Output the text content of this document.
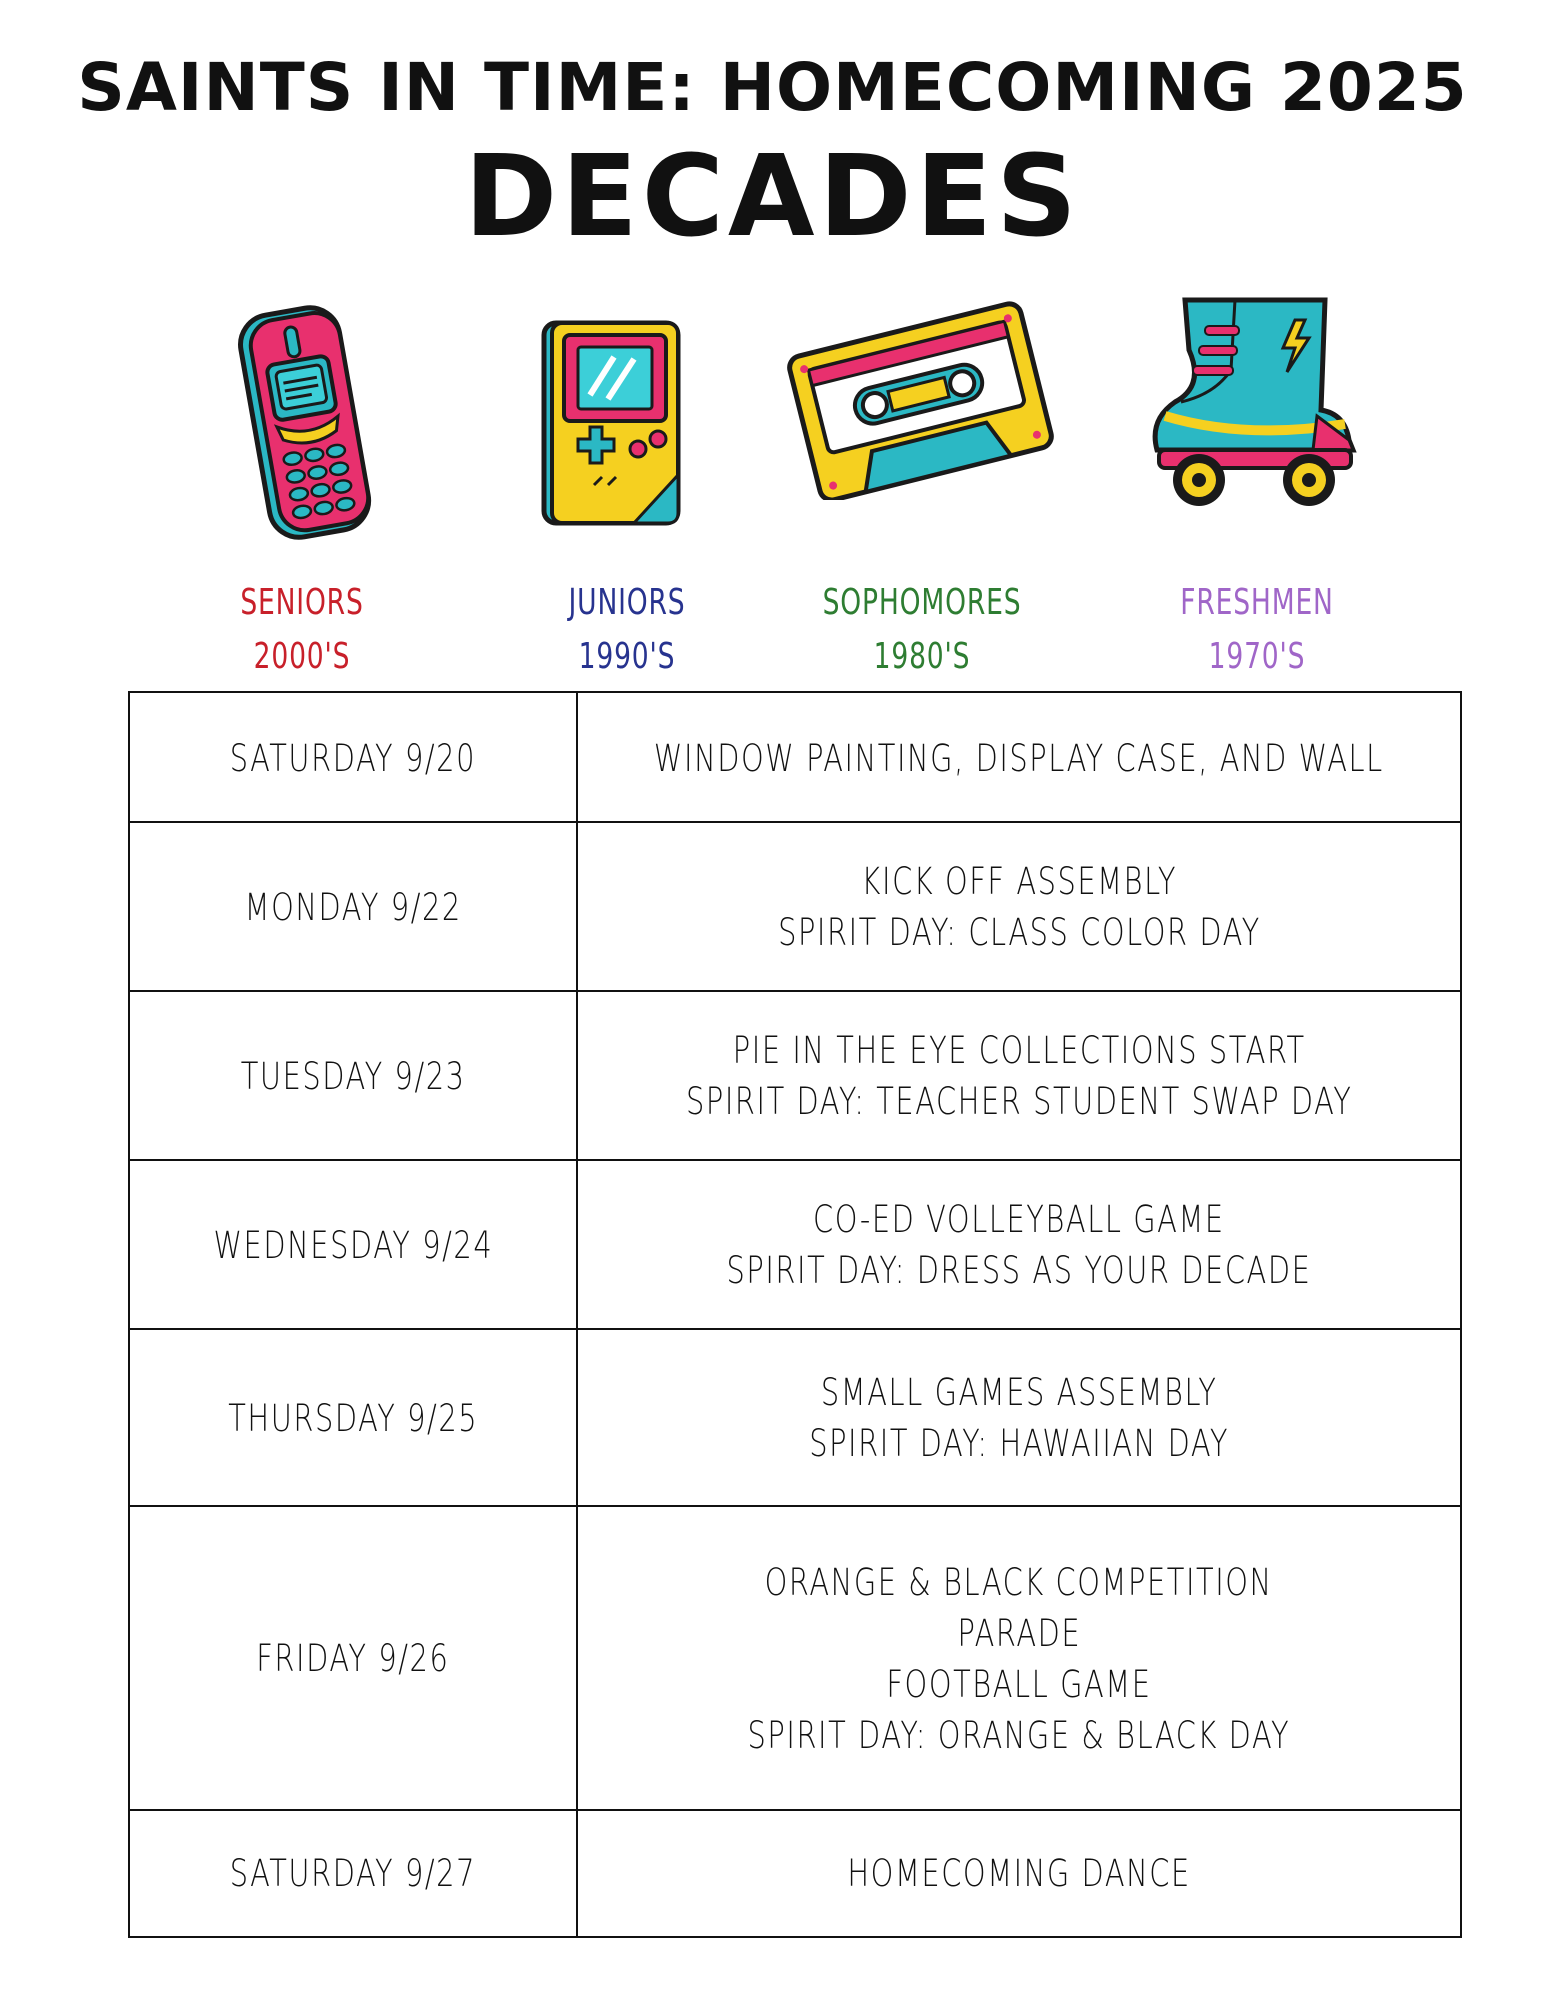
SAINTS IN TIME: HOMECOMING 2025
DECADES
SENIORS
2000'S
JUNIORS
1990'S
SOPHOMORES
1980'S
FRESHMEN
1970'S
SATURDAY 9/20	WINDOW PAINTING, DISPLAY CASE, AND WALL
MONDAY 9/22
KICK OFF ASSEMBLY
SPIRIT DAY: CLASS COLOR DAY
TUESDAY 9/23
PIE IN THE EYE COLLECTIONS START
SPIRIT DAY: TEACHER STUDENT SWAP DAY
WEDNESDAY 9/24
CO-ED VOLLEYBALL GAME
SPIRIT DAY: DRESS AS YOUR DECADE
THURSDAY 9/25
SMALL GAMES ASSEMBLY
SPIRIT DAY: HAWAIIAN DAY
FRIDAY 9/26
ORANGE & BLACK COMPETITION
PARADE
FOOTBALL GAME
SPIRIT DAY: ORANGE & BLACK DAY
SATURDAY 9/27	HOMECOMING DANCE
